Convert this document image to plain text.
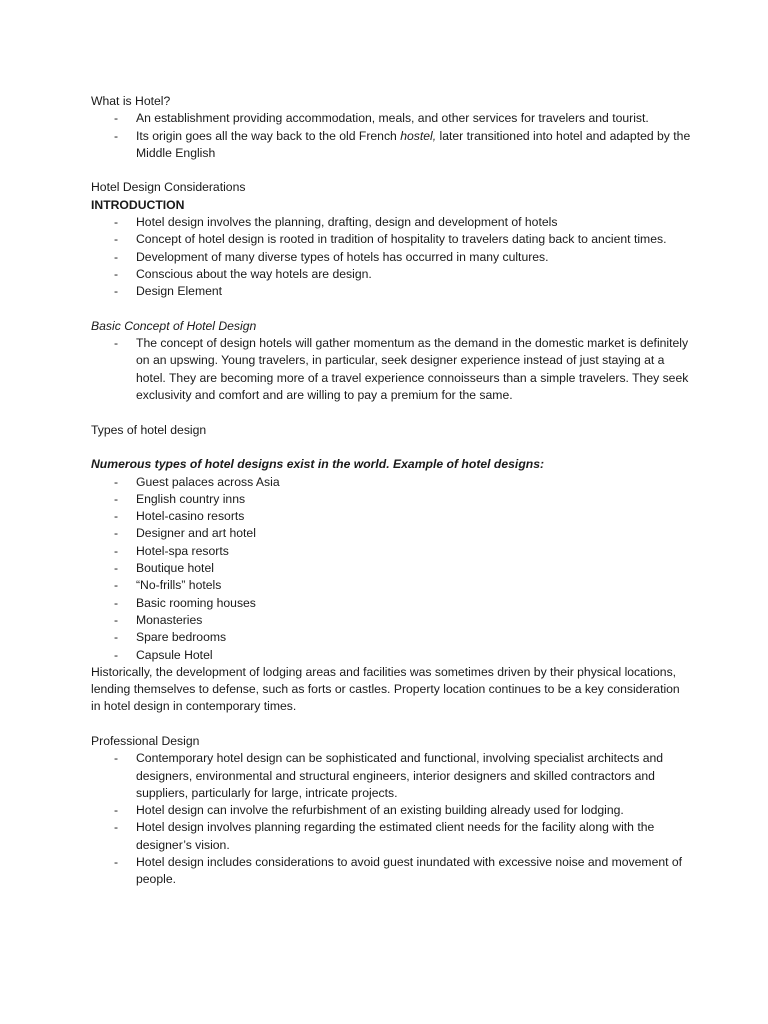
What is Hotel?

- An establishment providing accommodation, meals, and other services for travelers and tourist.
- Its origin goes all the way back to the old French hostel, later transitioned into hotel and adapted by the Middle English

Hotel Design Considerations

INTRODUCTION

- Hotel design involves the planning, drafting, design and development of hotels
- Concept of hotel design is rooted in tradition of hospitality to travelers dating back to ancient times.
- Development of many diverse types of hotels has occurred in many cultures.
- Conscious about the way hotels are design.
- Design Element

Basic Concept of Hotel Design

- The concept of design hotels will gather momentum as the demand in the domestic market is definitely on an upswing. Young travelers, in particular, seek designer experience instead of just staying at a hotel. They are becoming more of a travel experience connoisseurs than a simple travelers. They seek exclusivity and comfort and are willing to pay a premium for the same.

Types of hotel design

Numerous types of hotel designs exist in the world. Example of hotel designs:

- Guest palaces across Asia
- English country inns
- Hotel-casino resorts
- Designer and art hotel
- Hotel-spa resorts
- Boutique hotel
- “No-frills” hotels
- Basic rooming houses
- Monasteries
- Spare bedrooms
- Capsule Hotel

Historically, the development of lodging areas and facilities was sometimes driven by their physical locations, lending themselves to defense, such as forts or castles. Property location continues to be a key consideration in hotel design in contemporary times.

Professional Design

- Contemporary hotel design can be sophisticated and functional, involving specialist architects and designers, environmental and structural engineers, interior designers and skilled contractors and suppliers, particularly for large, intricate projects.
- Hotel design can involve the refurbishment of an existing building already used for lodging.
- Hotel design involves planning regarding the estimated client needs for the facility along with the designer’s vision.
- Hotel design includes considerations to avoid guest inundated with excessive noise and movement of people.
